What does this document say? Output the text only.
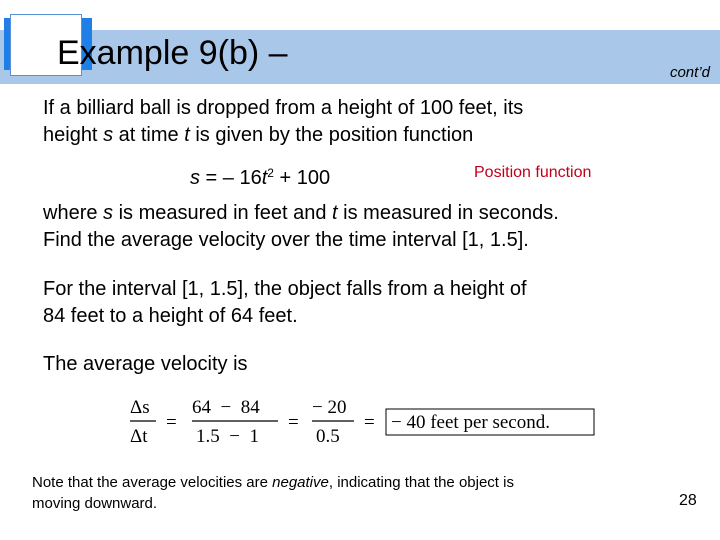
Example 9(b) –
cont’d
If a billiard ball is dropped from a height of 100 feet, its
height s at time t is given by the position function
s = – $16t^2 + 100$	Position function
where s is measured in feet and t is measured in seconds.
Find the average velocity over the time interval [1, 1.5].
For the interval [1, 1.5], the object falls from a height of
84 feet to a height of 64 feet.
The average velocity is
Δs
Δt
=
64  −  84
1.5  −  1
=
− 20
0.5
= − 40 feet per second.
Note that the average velocities are negative, indicating that the object is
moving downward.	28
